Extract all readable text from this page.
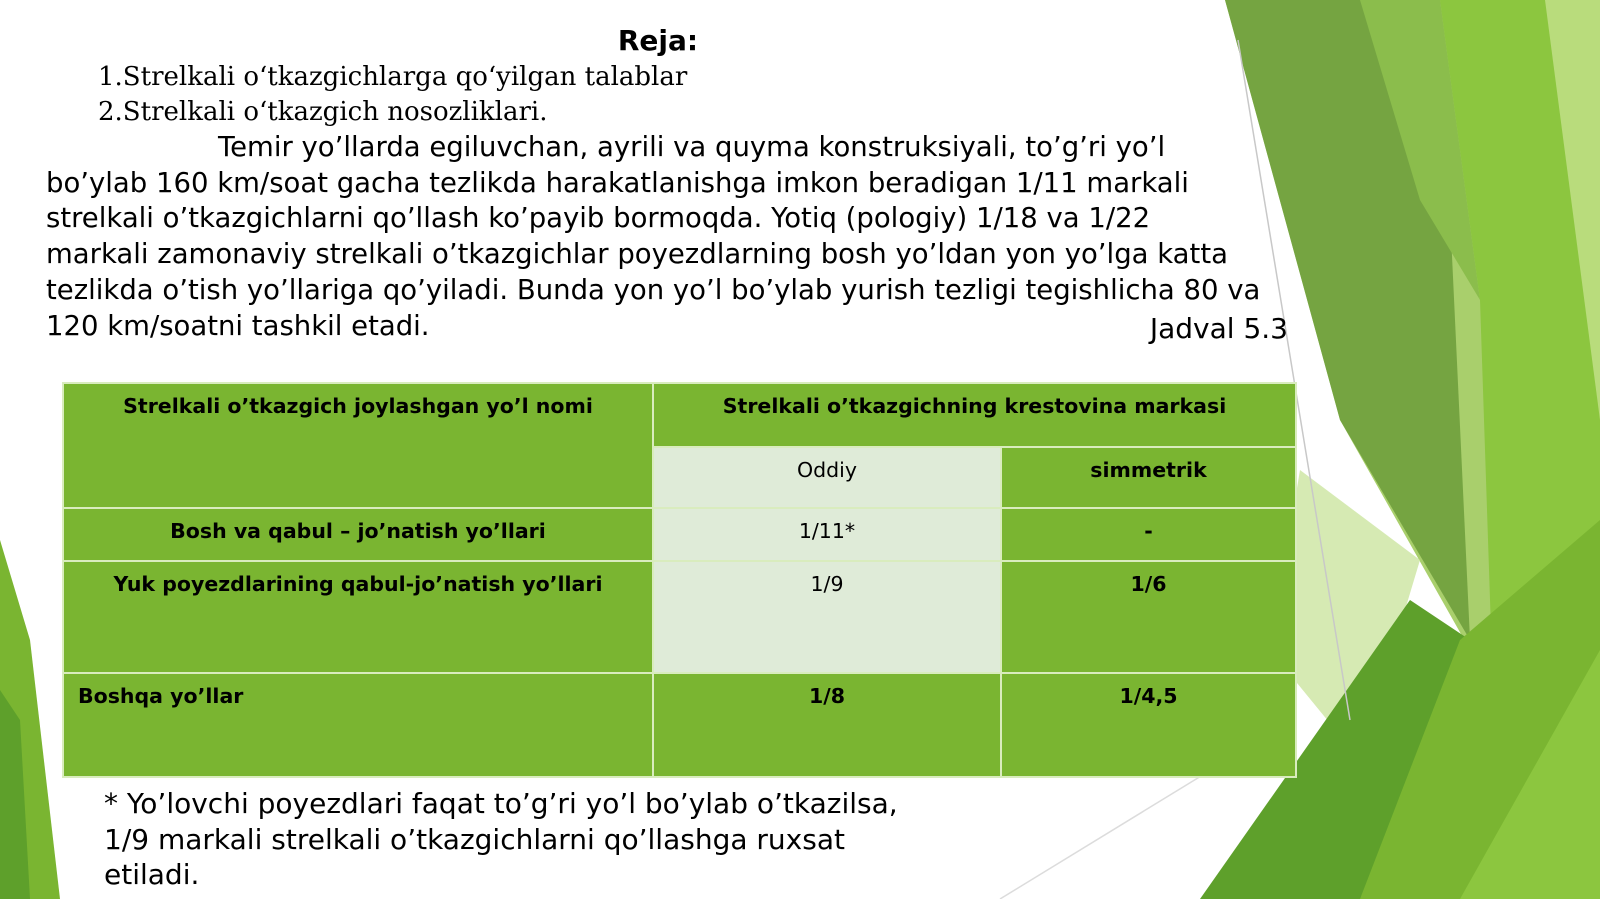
Reja:
1.Strelkali o‘tkazgichlarga qo‘yilgan talablar
2.Strelkali o‘tkazgich nosozliklari.
Temir yo’llarda egiluvchan, ayrili va quyma konstruksiyali, to’g’ri yo’l
bo’ylab 160 km/soat gacha tezlikda harakatlanishga imkon beradigan 1/11 markali
strelkali o’tkazgichlarni qo’llash ko’payib bormoqda. Yotiq (pologiy) 1/18 va 1/22
markali zamonaviy strelkali o’tkazgichlar poyezdlarning bosh yo’ldan yon yo’lga katta
tezlikda o’tish yo’llariga qo’yiladi. Bunda yon yo’l bo’ylab yurish tezligi tegishlicha 80 va
120 km/soatni tashkil etadi.	Jadval 5.3
Strelkali o’tkazgich joylashgan yo’l nomi	Strelkali o’tkazgichning krestovina markasi	
	Oddiy	simmetrik
Bosh va qabul – jo’natish yo’llari	1/11*	-
Yuk poyezdlarining qabul-jo’natish yo’llari	1/9	1/6
Boshqa yo’llar	1/8	1/4,5
* Yo’lovchi poyezdlari faqat to’g’ri yo’l bo’ylab o’tkazilsa,
1/9 markali strelkali o’tkazgichlarni qo’llashga ruxsat
etiladi.
